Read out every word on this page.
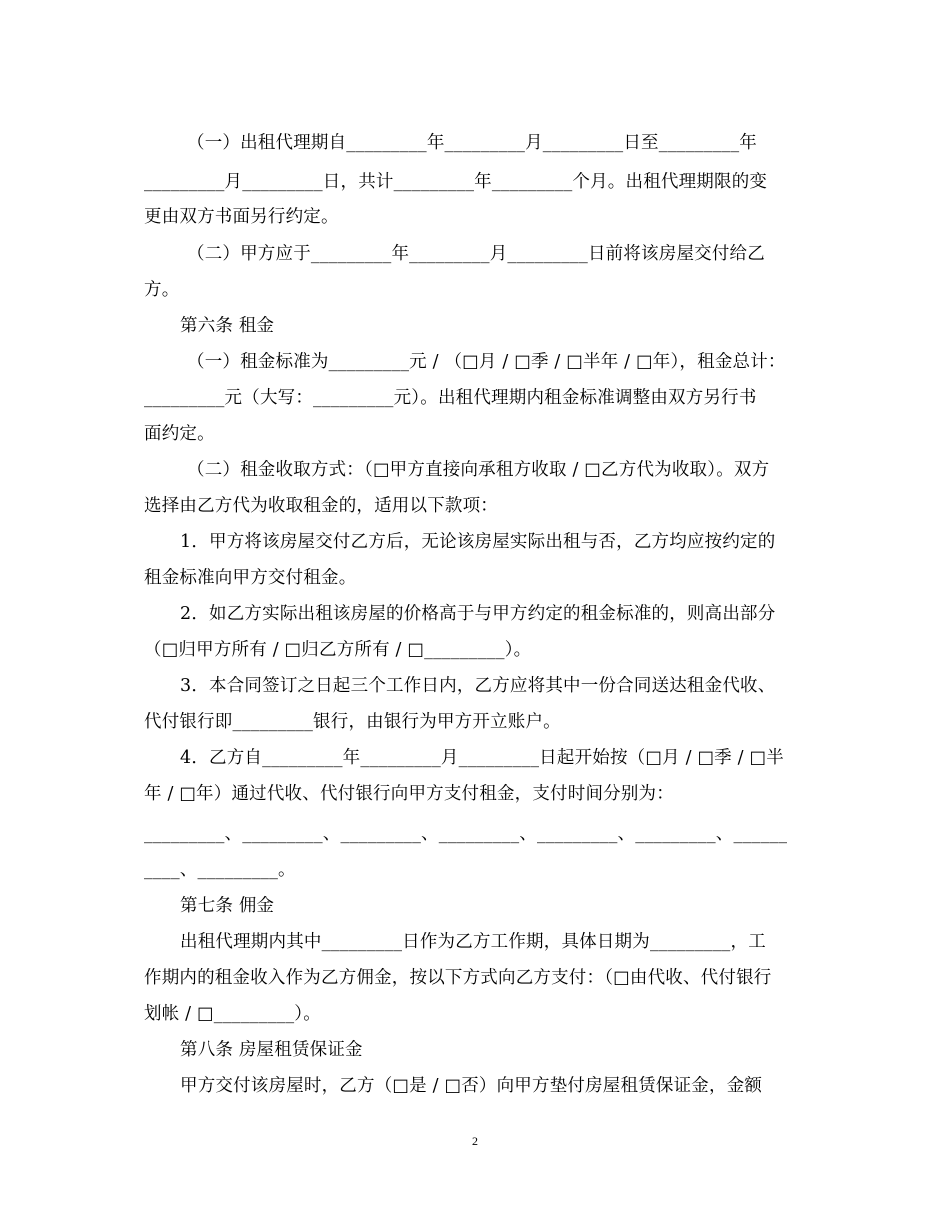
（一）出租代理期自_________年_________月_________日至_________年
_________月_________日，共计_________年_________个月。出租代理期限的变
更由双方书面另行约定。
（二）甲方应于_________年_________月_________日前将该房屋交付给乙
方。
第六条 租金
（一）租金标准为_________元 / （□月 / □季 / □半年 / □年），租金总计：
_________元（大写：_________元）。出租代理期内租金标准调整由双方另行书
面约定。
（二）租金收取方式：（□甲方直接向承租方收取 / □乙方代为收取）。双方
选择由乙方代为收取租金的，适用以下款项：
1．甲方将该房屋交付乙方后，无论该房屋实际出租与否，乙方均应按约定的
租金标准向甲方交付租金。
2．如乙方实际出租该房屋的价格高于与甲方约定的租金标准的，则高出部分
（□归甲方所有 / □归乙方所有 / □_________）。
3．本合同签订之日起三个工作日内，乙方应将其中一份合同送达租金代收、
代付银行即_________银行，由银行为甲方开立账户。
4．乙方自_________年_________月_________日起开始按（□月 / □季 / □半
年 / □年）通过代收、代付银行向甲方支付租金，支付时间分别为：
_________、_________、_________、_________、_________、_________、______
____、_________。
第七条 佣金
出租代理期内其中_________日作为乙方工作期，具体日期为_________，工
作期内的租金收入作为乙方佣金，按以下方式向乙方支付：（□由代收、代付银行
划帐 / □_________）。
第八条 房屋租赁保证金
甲方交付该房屋时，乙方（□是 / □否）向甲方垫付房屋租赁保证金，金额
2
